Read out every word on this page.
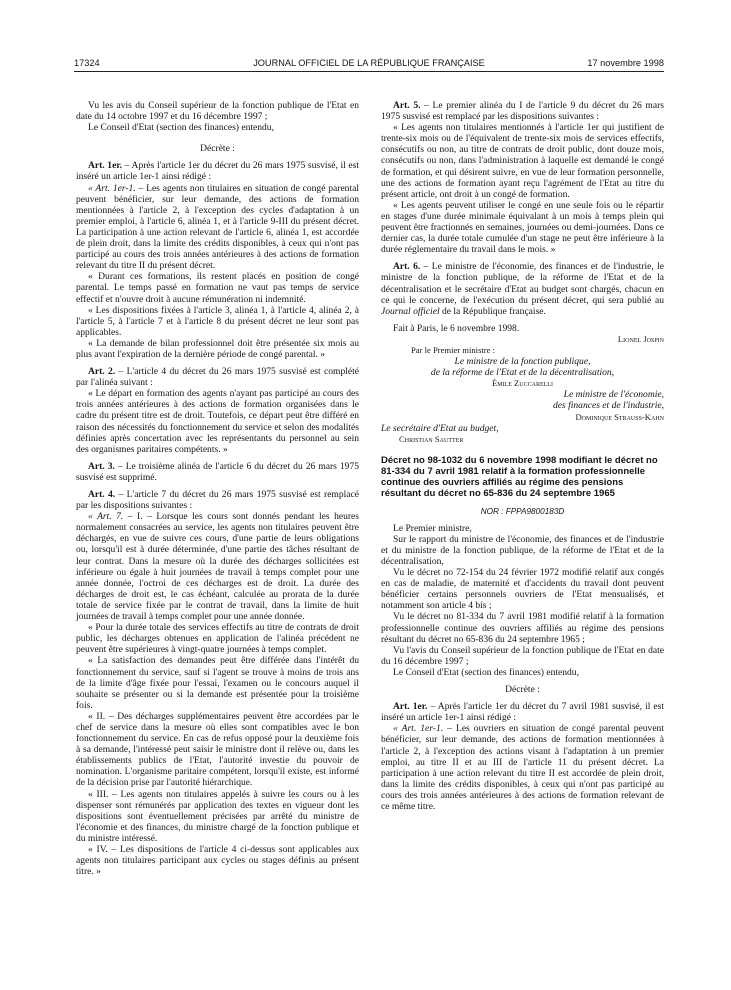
17324	JOURNAL OFFICIEL DE LA RÉPUBLIQUE FRANÇAISE	17 novembre 1998

Vu les avis du Conseil supérieur de la fonction publique de l'Etat en date du 14 octobre 1997 et du 16 décembre 1997 ;

Le Conseil d'Etat (section des finances) entendu,

Décrète :

Art. 1er. – Après l'article 1er du décret du 26 mars 1975 susvisé, il est inséré un article 1er-1 ainsi rédigé :

« Art. 1er-1. – Les agents non titulaires en situation de congé parental peuvent bénéficier, sur leur demande, des actions de formation mentionnées à l'article 2, à l'exception des cycles d'adaptation à un premier emploi, à l'article 6, alinéa 1, et à l'article 9-III du présent décret. La participation à une action relevant de l'article 6, alinéa 1, est accordée de plein droit, dans la limite des crédits disponibles, à ceux qui n'ont pas participé au cours des trois années antérieures à des actions de formation relevant du titre II du présent décret.

« Durant ces formations, ils restent placés en position de congé parental. Le temps passé en formation ne vaut pas temps de service effectif et n'ouvre droit à aucune rémunération ni indemnité.

« Les dispositions fixées à l'article 3, alinéa 1, à l'article 4, alinéa 2, à l'article 5, à l'article 7 et à l'article 8 du présent décret ne leur sont pas applicables.

« La demande de bilan professionnel doit être présentée six mois au plus avant l'expiration de la dernière période de congé parental. »

Art. 2. – L'article 4 du décret du 26 mars 1975 susvisé est complété par l'alinéa suivant :

« Le départ en formation des agents n'ayant pas participé au cours des trois années antérieures à des actions de formation organisées dans le cadre du présent titre est de droit. Toutefois, ce départ peut être différé en raison des nécessités du fonctionnement du service et selon des modalités définies après concertation avec les représentants du personnel au sein des organismes paritaires compétents. »

Art. 3. – Le troisième alinéa de l'article 6 du décret du 26 mars 1975 susvisé est supprimé.

Art. 4. – L'article 7 du décret du 26 mars 1975 susvisé est remplacé par les dispositions suivantes :

« Art. 7. – I. – Lorsque les cours sont donnés pendant les heures normalement consacrées au service, les agents non titulaires peuvent être déchargés, en vue de suivre ces cours, d'une partie de leurs obligations ou, lorsqu'il est à durée déterminée, d'une partie des tâches résultant de leur contrat. Dans la mesure où la durée des décharges sollicitées est inférieure ou égale à huit journées de travail à temps complet pour une année donnée, l'octroi de ces décharges est de droit. La durée des décharges de droit est, le cas échéant, calculée au prorata de la durée totale de service fixée par le contrat de travail, dans la limite de huit journées de travail à temps complet pour une année donnée.

« Pour la durée totale des services effectifs au titre de contrats de droit public, les décharges obtenues en application de l'alinéa précédent ne peuvent être supérieures à vingt-quatre journées à temps complet.

« La satisfaction des demandes peut être différée dans l'intérêt du fonctionnement du service, sauf si l'agent se trouve à moins de trois ans de la limite d'âge fixée pour l'essai, l'examen ou le concours auquel il souhaite se présenter ou si la demande est présentée pour la troisième fois.

« II. – Des décharges supplémentaires peuvent être accordées par le chef de service dans la mesure où elles sont compatibles avec le bon fonctionnement du service. En cas de refus opposé pour la deuxième fois à sa demande, l'intéressé peut saisir le ministre dont il relève ou, dans les établissements publics de l'Etat, l'autorité investie du pouvoir de nomination. L'organisme paritaire compétent, lorsqu'il existe, est informé de la décision prise par l'autorité hiérarchique.

« III. – Les agents non titulaires appelés à suivre les cours ou à les dispenser sont rémunérés par application des textes en vigueur dont les dispositions sont éventuellement précisées par arrêté du ministre de l'économie et des finances, du ministre chargé de la fonction publique et du ministre intéressé.

« IV. – Les dispositions de l'article 4 ci-dessus sont applicables aux agents non titulaires participant aux cycles ou stages définis au présent titre. »

Art. 5. – Le premier alinéa du I de l'article 9 du décret du 26 mars 1975 susvisé est remplacé par les dispositions suivantes :

« Les agents non titulaires mentionnés à l'article 1er qui justifient de trente-six mois ou de l'équivalent de trente-six mois de services effectifs, consécutifs ou non, au titre de contrats de droit public, dont douze mois, consécutifs ou non, dans l'administration à laquelle est demandé le congé de formation, et qui désirent suivre, en vue de leur formation personnelle, une des actions de formation ayant reçu l'agrément de l'Etat au titre du présent article, ont droit à un congé de formation.

« Les agents peuvent utiliser le congé en une seule fois ou le répartir en stages d'une durée minimale équivalant à un mois à temps plein qui peuvent être fractionnés en semaines, journées ou demi-journées. Dans ce dernier cas, la durée totale cumulée d'un stage ne peut être inférieure à la durée réglementaire du travail dans le mois. »

Art. 6. – Le ministre de l'économie, des finances et de l'industrie, le ministre de la fonction publique, de la réforme de l'Etat et de la décentralisation et le secrétaire d'Etat au budget sont chargés, chacun en ce qui le concerne, de l'exécution du présent décret, qui sera publié au Journal officiel de la République française.

Fait à Paris, le 6 novembre 1998.

Lionel Jospin

Par le Premier ministre :

Le ministre de la fonction publique,

de la réforme de l'Etat et de la décentralisation,

Émile Zuccarelli

Le ministre de l'économie,

des finances et de l'industrie,

Dominique Strauss-Kahn

Le secrétaire d'Etat au budget,

Christian Sautter

Décret no 98-1032 du 6 novembre 1998 modifiant le décret no 81-334 du 7 avril 1981 relatif à la formation professionnelle continue des ouvriers affiliés au régime des pensions résultant du décret no 65-836 du 24 septembre 1965

NOR : FPPA9800183D

Le Premier ministre,

Sur le rapport du ministre de l'économie, des finances et de l'industrie et du ministre de la fonction publique, de la réforme de l'Etat et de la décentralisation,

Vu le décret no 72-154 du 24 février 1972 modifié relatif aux congés en cas de maladie, de maternité et d'accidents du travail dont peuvent bénéficier certains personnels ouvriers de l'Etat mensualisés, et notamment son article 4 bis ;

Vu le décret no 81-334 du 7 avril 1981 modifié relatif à la formation professionnelle continue des ouvriers affiliés au régime des pensions résultant du décret no 65-836 du 24 septembre 1965 ;

Vu l'avis du Conseil supérieur de la fonction publique de l'Etat en date du 16 décembre 1997 ;

Le Conseil d'Etat (section des finances) entendu,

Décrète :

Art. 1er. – Après l'article 1er du décret du 7 avril 1981 susvisé, il est inséré un article 1er-1 ainsi rédigé :

« Art. 1er-1. – Les ouvriers en situation de congé parental peuvent bénéficier, sur leur demande, des actions de formation mentionnées à l'article 2, à l'exception des actions visant à l'adaptation à un premier emploi, au titre II et au III de l'article 11 du présent décret. La participation à une action relevant du titre II est accordée de plein droit, dans la limite des crédits disponibles, à ceux qui n'ont pas participé au cours des trois années antérieures à des actions de formation relevant de ce même titre.
